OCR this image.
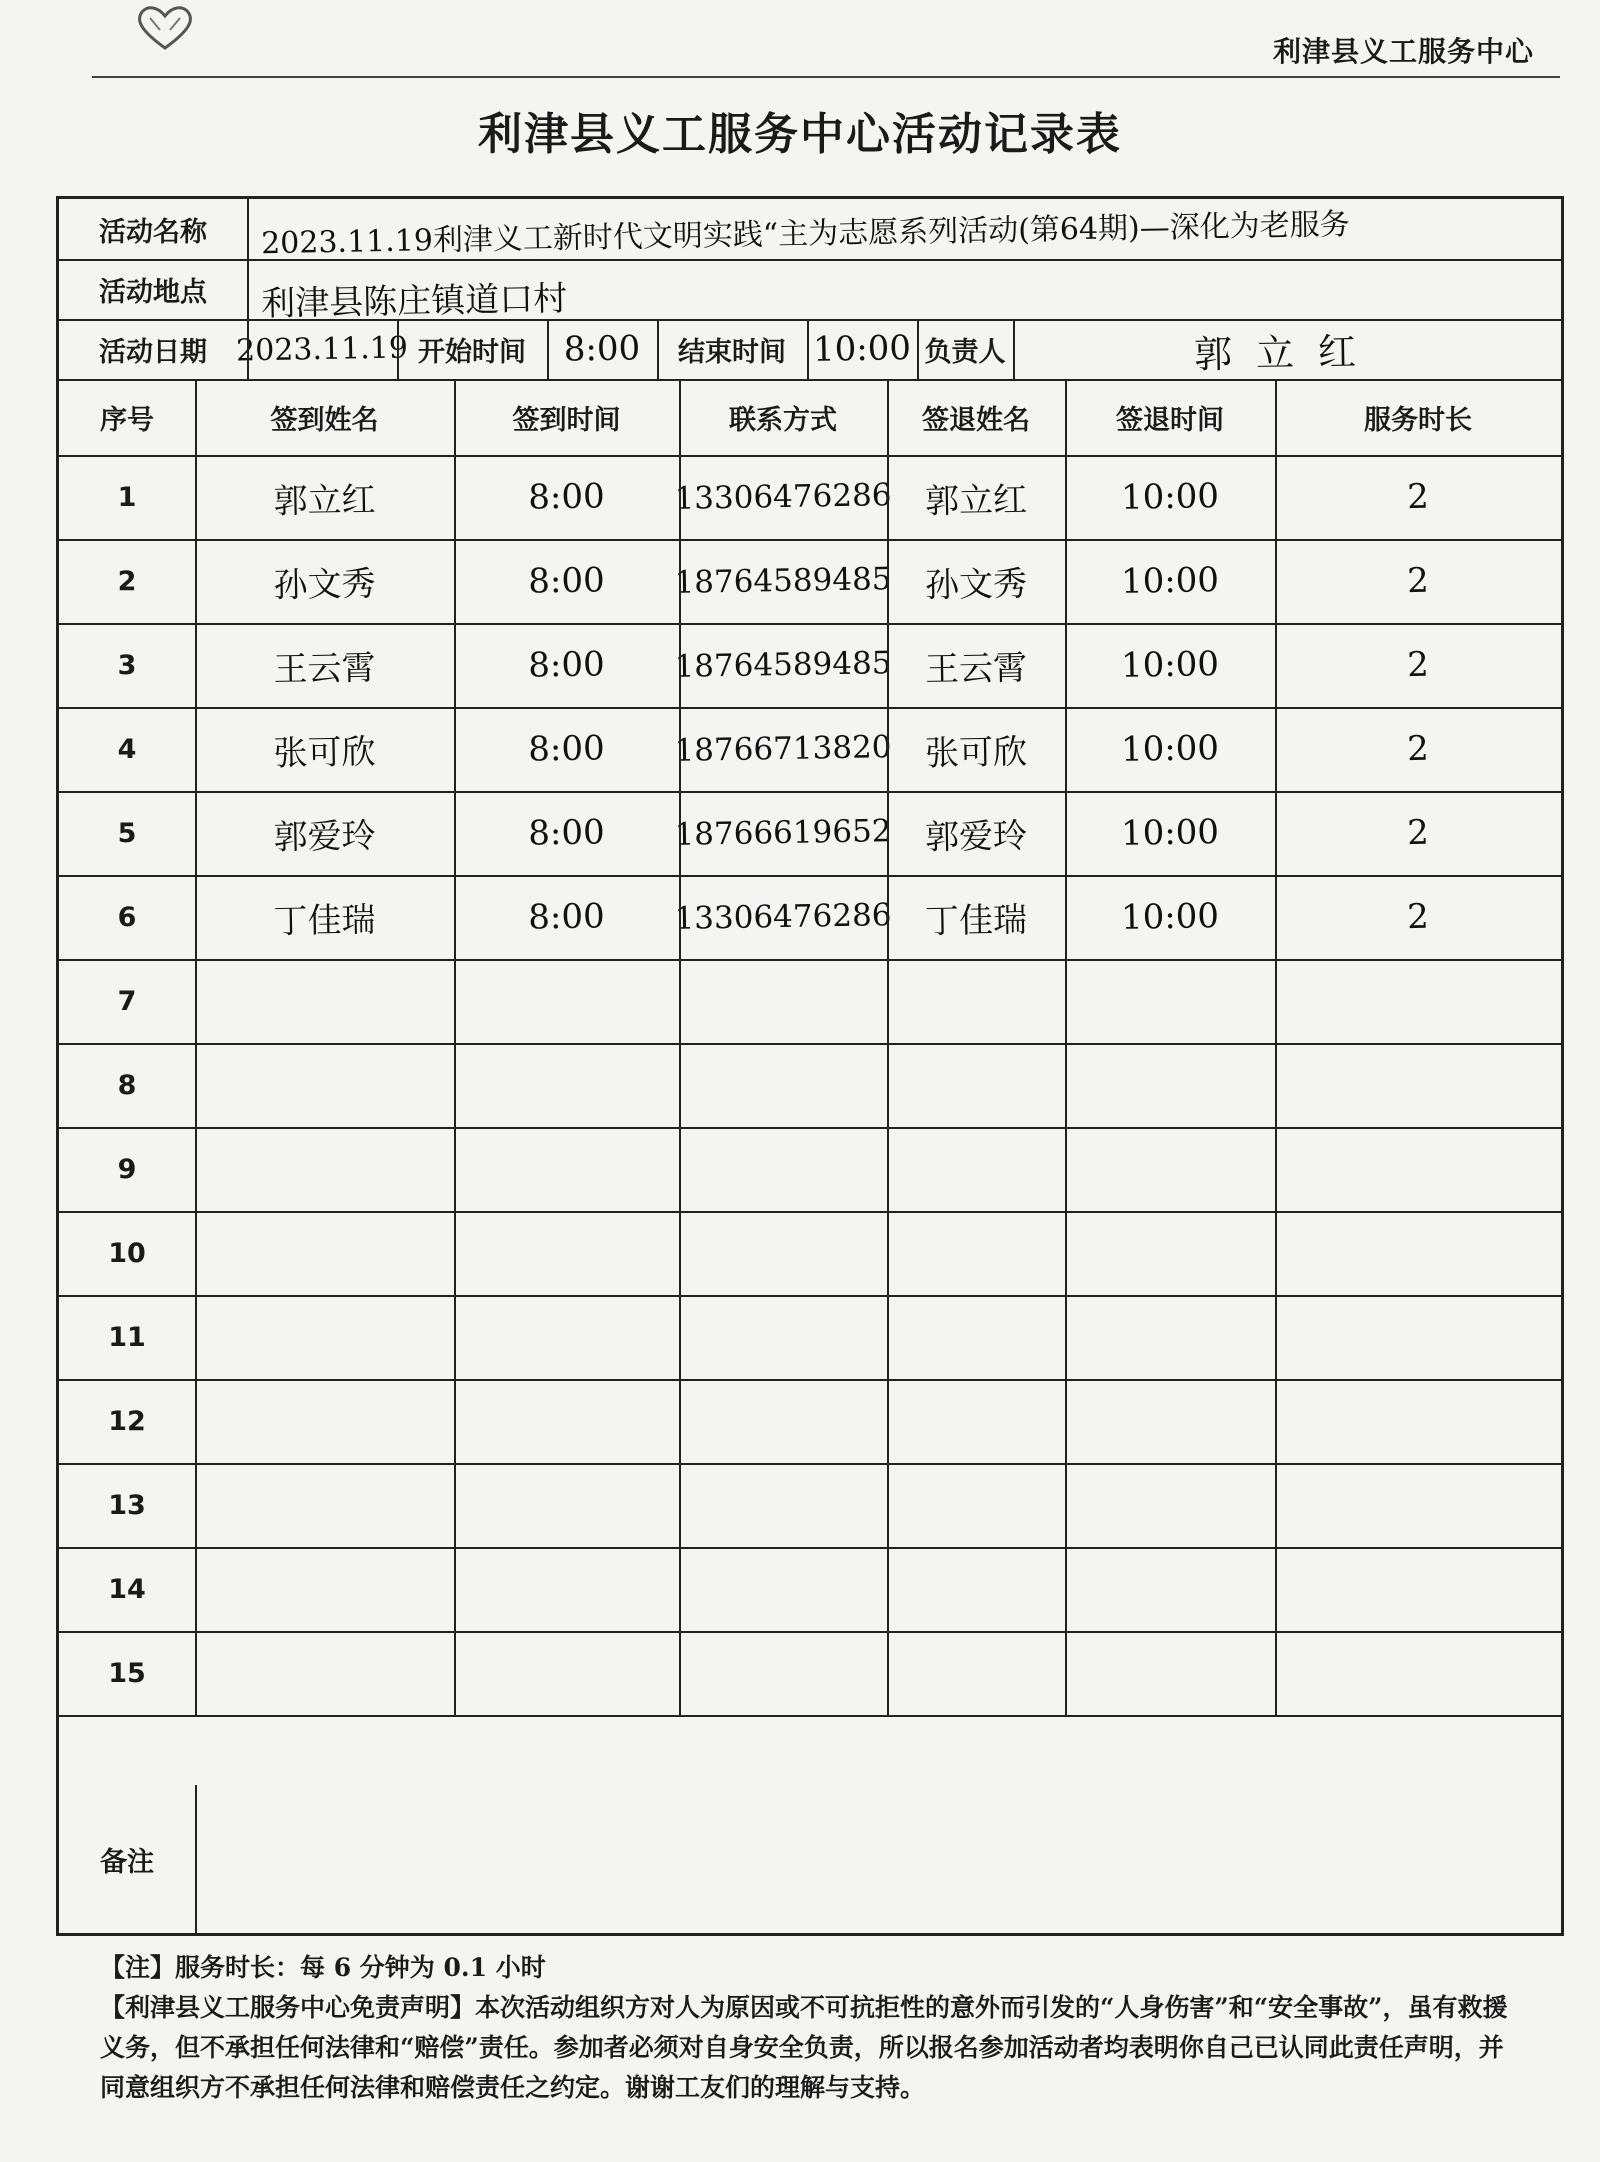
利津县义工服务中心
利津县义工服务中心活动记录表
活动名称	2023.11.19利津义工新时代文明实践“主为志愿系列活动(第64期)—深化为老服务
活动地点	利津县陈庄镇道口村
活动日期 2023.11.19 开始时间	8:00	结束时间 10:00 负责人	郭立红
序号	签到姓名	签到时间	联系方式	签退姓名	签退时间	服务时长
1	郭立红	8:00	13306476286 郭立红	10:00	2
2	孙文秀	8:00	18764589485 孙文秀	10:00	2
3	王云霄	8:00	18764589485 王云霄	10:00	2
4	张可欣	8:00	18766713820 张可欣	10:00	2
5	郭爱玲	8:00	18766619652 郭爱玲	10:00	2
6	丁佳瑞	8:00	13306476286 丁佳瑞	10:00	2
7
8
9
10
11
12
13
14
15
备注

【注】服务时长：每 6 分钟为 0.1 小时

【利津县义工服务中心免责声明】本次活动组织方对人为原因或不可抗拒性的意外而引发的“人身伤害”和“安全事故”，虽有救援义务，但不承担任何法律和“赔偿”责任。参加者必须对自身安全负责，所以报名参加活动者均表明你自己已认同此责任声明，并同意组织方不承担任何法律和赔偿责任之约定。谢谢工友们的理解与支持。
